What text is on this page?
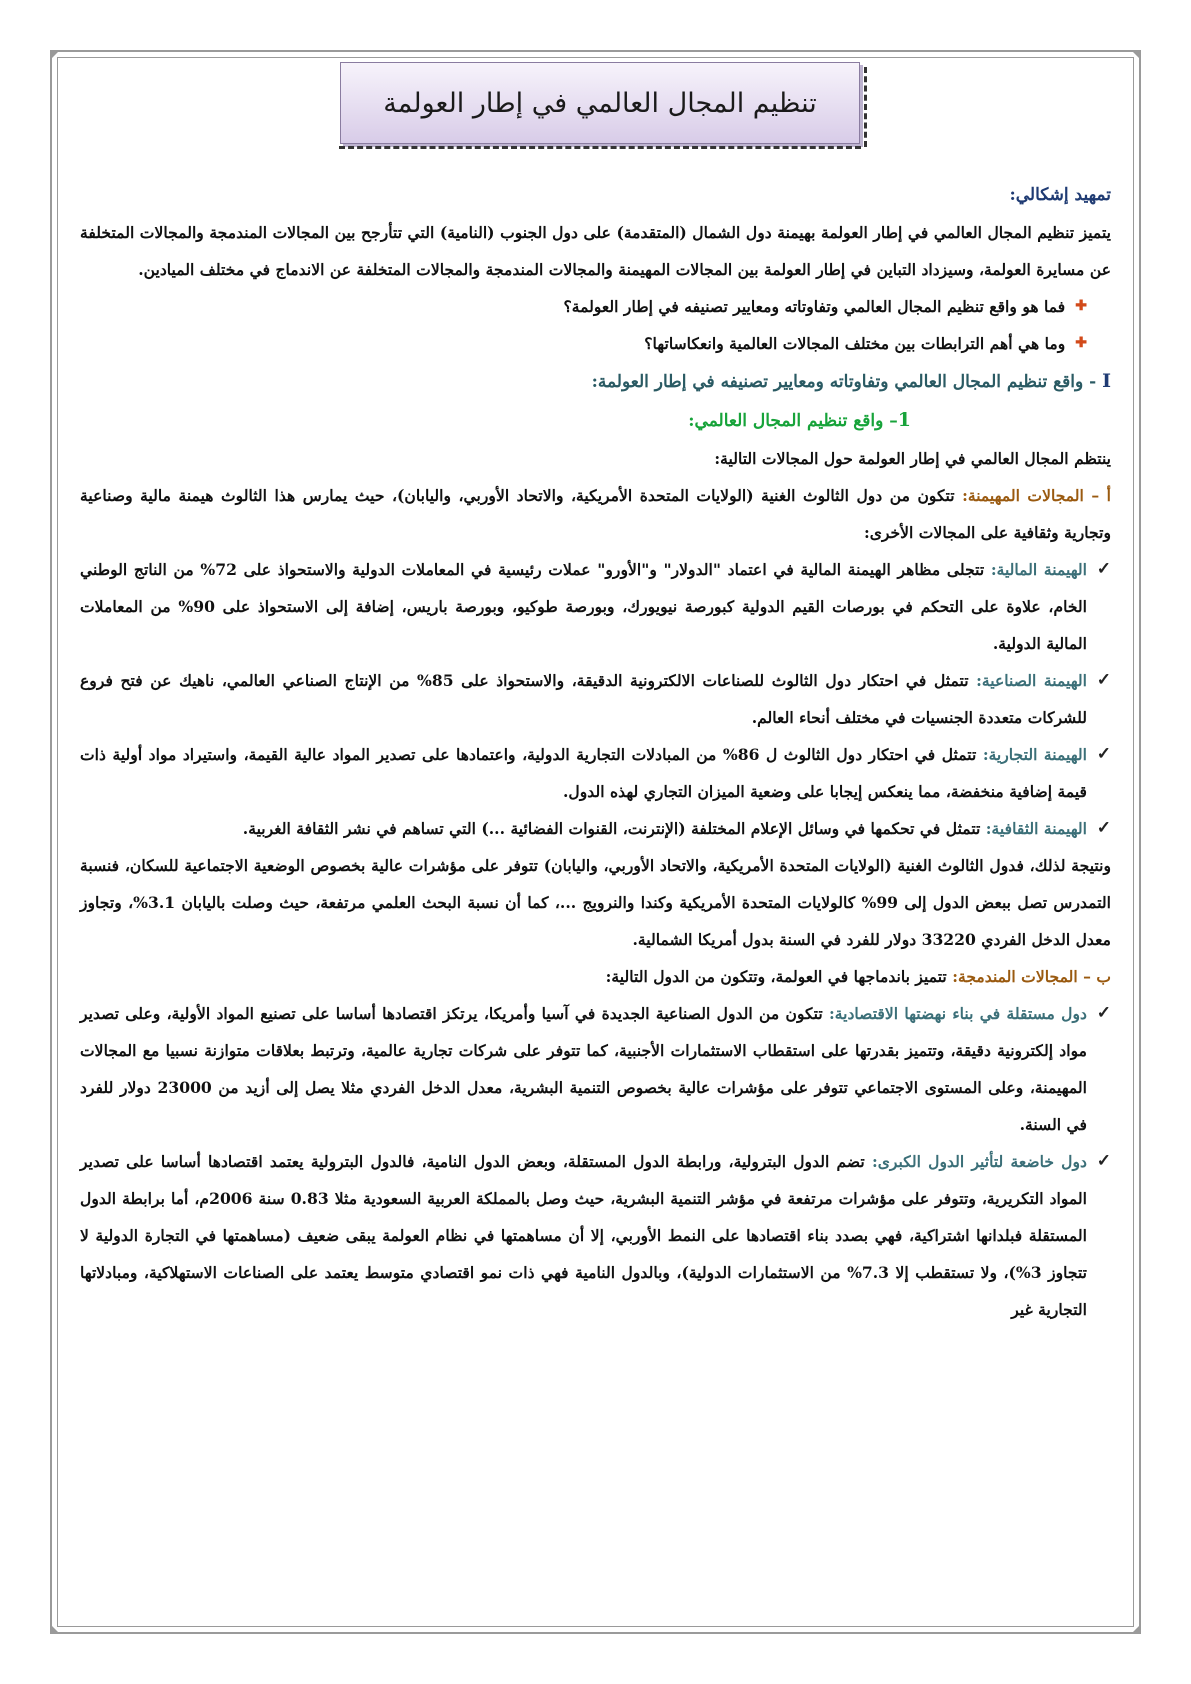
تنظيم المجال العالمي في إطار العولمة

تمهيد إشكالي:

يتميز تنظيم المجال العالمي في إطار العولمة بهيمنة دول الشمال (المتقدمة) على دول الجنوب (النامية) التي تتأرجح بين المجالات المندمجة والمجالات المتخلفة عن مسايرة العولمة، وسيزداد التباين في إطار العولمة بين المجالات المهيمنة والمجالات المندمجة والمجالات المتخلفة عن الاندماج في مختلف الميادين.

✚
فما هو واقع تنظيم المجال العالمي وتفاوتاته ومعايير تصنيفه في إطار العولمة؟
✚
وما هي أهم الترابطات بين مختلف المجالات العالمية وانعكاساتها؟

I - واقع تنظيم المجال العالمي وتفاوتاته ومعايير تصنيفه في إطار العولمة:

1– واقع تنظيم المجال العالمي:

ينتظم المجال العالمي في إطار العولمة حول المجالات التالية:

أ – المجالات المهيمنة: تتكون من دول الثالوث الغنية (الولايات المتحدة الأمريكية، والاتحاد الأوربي، واليابان)، حيث يمارس هذا الثالوث هيمنة مالية وصناعية وتجارية وثقافية على المجالات الأخرى:

✓
الهيمنة المالية: تتجلى مظاهر الهيمنة المالية في اعتماد "الدولار" و"الأورو" عملات رئيسية في المعاملات الدولية والاستحواذ على 72% من الناتج الوطني الخام، علاوة على التحكم في بورصات القيم الدولية كبورصة نيويورك، وبورصة طوكيو، وبورصة باريس، إضافة إلى الاستحواذ على 90% من المعاملات المالية الدولية.
✓
الهيمنة الصناعية: تتمثل في احتكار دول الثالوث للصناعات الالكترونية الدقيقة، والاستحواذ على 85% من الإنتاج الصناعي العالمي، ناهيك عن فتح فروع للشركات متعددة الجنسيات في مختلف أنحاء العالم.
✓
الهيمنة التجارية: تتمثل في احتكار دول الثالوث ل 86% من المبادلات التجارية الدولية، واعتمادها على تصدير المواد عالية القيمة، واستيراد مواد أولية ذات قيمة إضافية منخفضة، مما ينعكس إيجابا على وضعية الميزان التجاري لهذه الدول.
✓
الهيمنة الثقافية: تتمثل في تحكمها في وسائل الإعلام المختلفة (الإنترنت، القنوات الفضائية ...) التي تساهم في نشر الثقافة الغربية.

ونتيجة لذلك، فدول الثالوث الغنية (الولايات المتحدة الأمريكية، والاتحاد الأوربي، واليابان) تتوفر على مؤشرات عالية بخصوص الوضعية الاجتماعية للسكان، فنسبة التمدرس تصل ببعض الدول إلى 99% كالولايات المتحدة الأمريكية وكندا والنرويج ...، كما أن نسبة البحث العلمي مرتفعة، حيث وصلت باليابان 3.1%، وتجاوز معدل الدخل الفردي 33220 دولار للفرد في السنة بدول أمريكا الشمالية.

ب – المجالات المندمجة: تتميز باندماجها في العولمة، وتتكون من الدول التالية:

✓
دول مستقلة في بناء نهضتها الاقتصادية: تتكون من الدول الصناعية الجديدة في آسيا وأمريكا، يرتكز اقتصادها أساسا على تصنيع المواد الأولية، وعلى تصدير مواد إلكترونية دقيقة، وتتميز بقدرتها على استقطاب الاستثمارات الأجنبية، كما تتوفر على شركات تجارية عالمية، وترتبط بعلاقات متوازنة نسبيا مع المجالات المهيمنة، وعلى المستوى الاجتماعي تتوفر على مؤشرات عالية بخصوص التنمية البشرية، معدل الدخل الفردي مثلا يصل إلى أزيد من 23000 دولار للفرد في السنة.
✓
دول خاضعة لتأثير الدول الكبرى: تضم الدول البترولية، ورابطة الدول المستقلة، وبعض الدول النامية، فالدول البترولية يعتمد اقتصادها أساسا على تصدير المواد التكريرية، وتتوفر على مؤشرات مرتفعة في مؤشر التنمية البشرية، حيث وصل بالمملكة العربية السعودية مثلا 0.83 سنة 2006م، أما برابطة الدول المستقلة فبلدانها اشتراكية، فهي بصدد بناء اقتصادها على النمط الأوربي، إلا أن مساهمتها في نظام العولمة يبقى ضعيف (مساهمتها في التجارة الدولية لا تتجاوز 3%)، ولا تستقطب إلا 7.3% من الاستثمارات الدولية)، وبالدول النامية فهي ذات نمو اقتصادي متوسط يعتمد على الصناعات الاستهلاكية، ومبادلاتها التجارية غير
